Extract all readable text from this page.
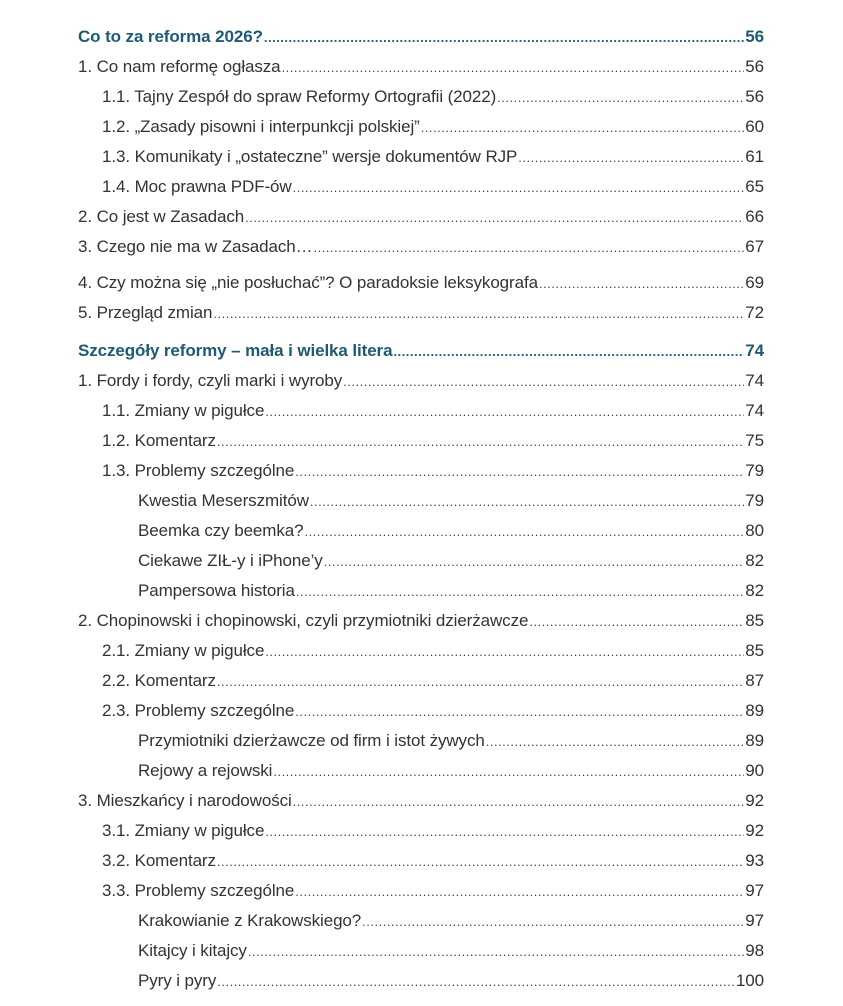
Co to za reforma 2026? .....	56
1. Co nam reformę ogłasza .....	56
1.1. Tajny Zespół do spraw Reformy Ortografii (2022) .....	56
1.2. „Zasady pisowni i interpunkcji polskiej” .....	60
1.3. Komunikaty i „ostateczne” wersje dokumentów RJP .....	61
1.4. Moc prawna PDF-ów .....	65
2. Co jest w Zasadach .....	66
3. Czego nie ma w Zasadach… .....	67
4. Czy można się „nie posłuchać”? O paradoksie leksykografa .....	69
5. Przegląd zmian .....	72
Szczegóły reformy – mała i wielka litera .....	74
1. Fordy i fordy, czyli marki i wyroby .....	74
1.1. Zmiany w pigułce .....	74
1.2. Komentarz .....	75
1.3. Problemy szczególne .....	79
Kwestia Meserszmitów .....	79
Beemka czy beemka? .....	80
Ciekawe ZIŁ-y i iPhone’y .....	82
Pampersowa historia .....	82
2. Chopinowski i chopinowski, czyli przymiotniki dzierżawcze .....	85
2.1. Zmiany w pigułce .....	85
2.2. Komentarz .....	87
2.3. Problemy szczególne .....	89
Przymiotniki dzierżawcze od firm i istot żywych .....	89
Rejowy a rejowski .....	90
3. Mieszkańcy i narodowości .....	92
3.1. Zmiany w pigułce .....	92
3.2. Komentarz .....	93
3.3. Problemy szczególne .....	97
Krakowianie z Krakowskiego? .....	97
Kitajcy i kitajcy .....	98
Pyry i pyry .....	100
